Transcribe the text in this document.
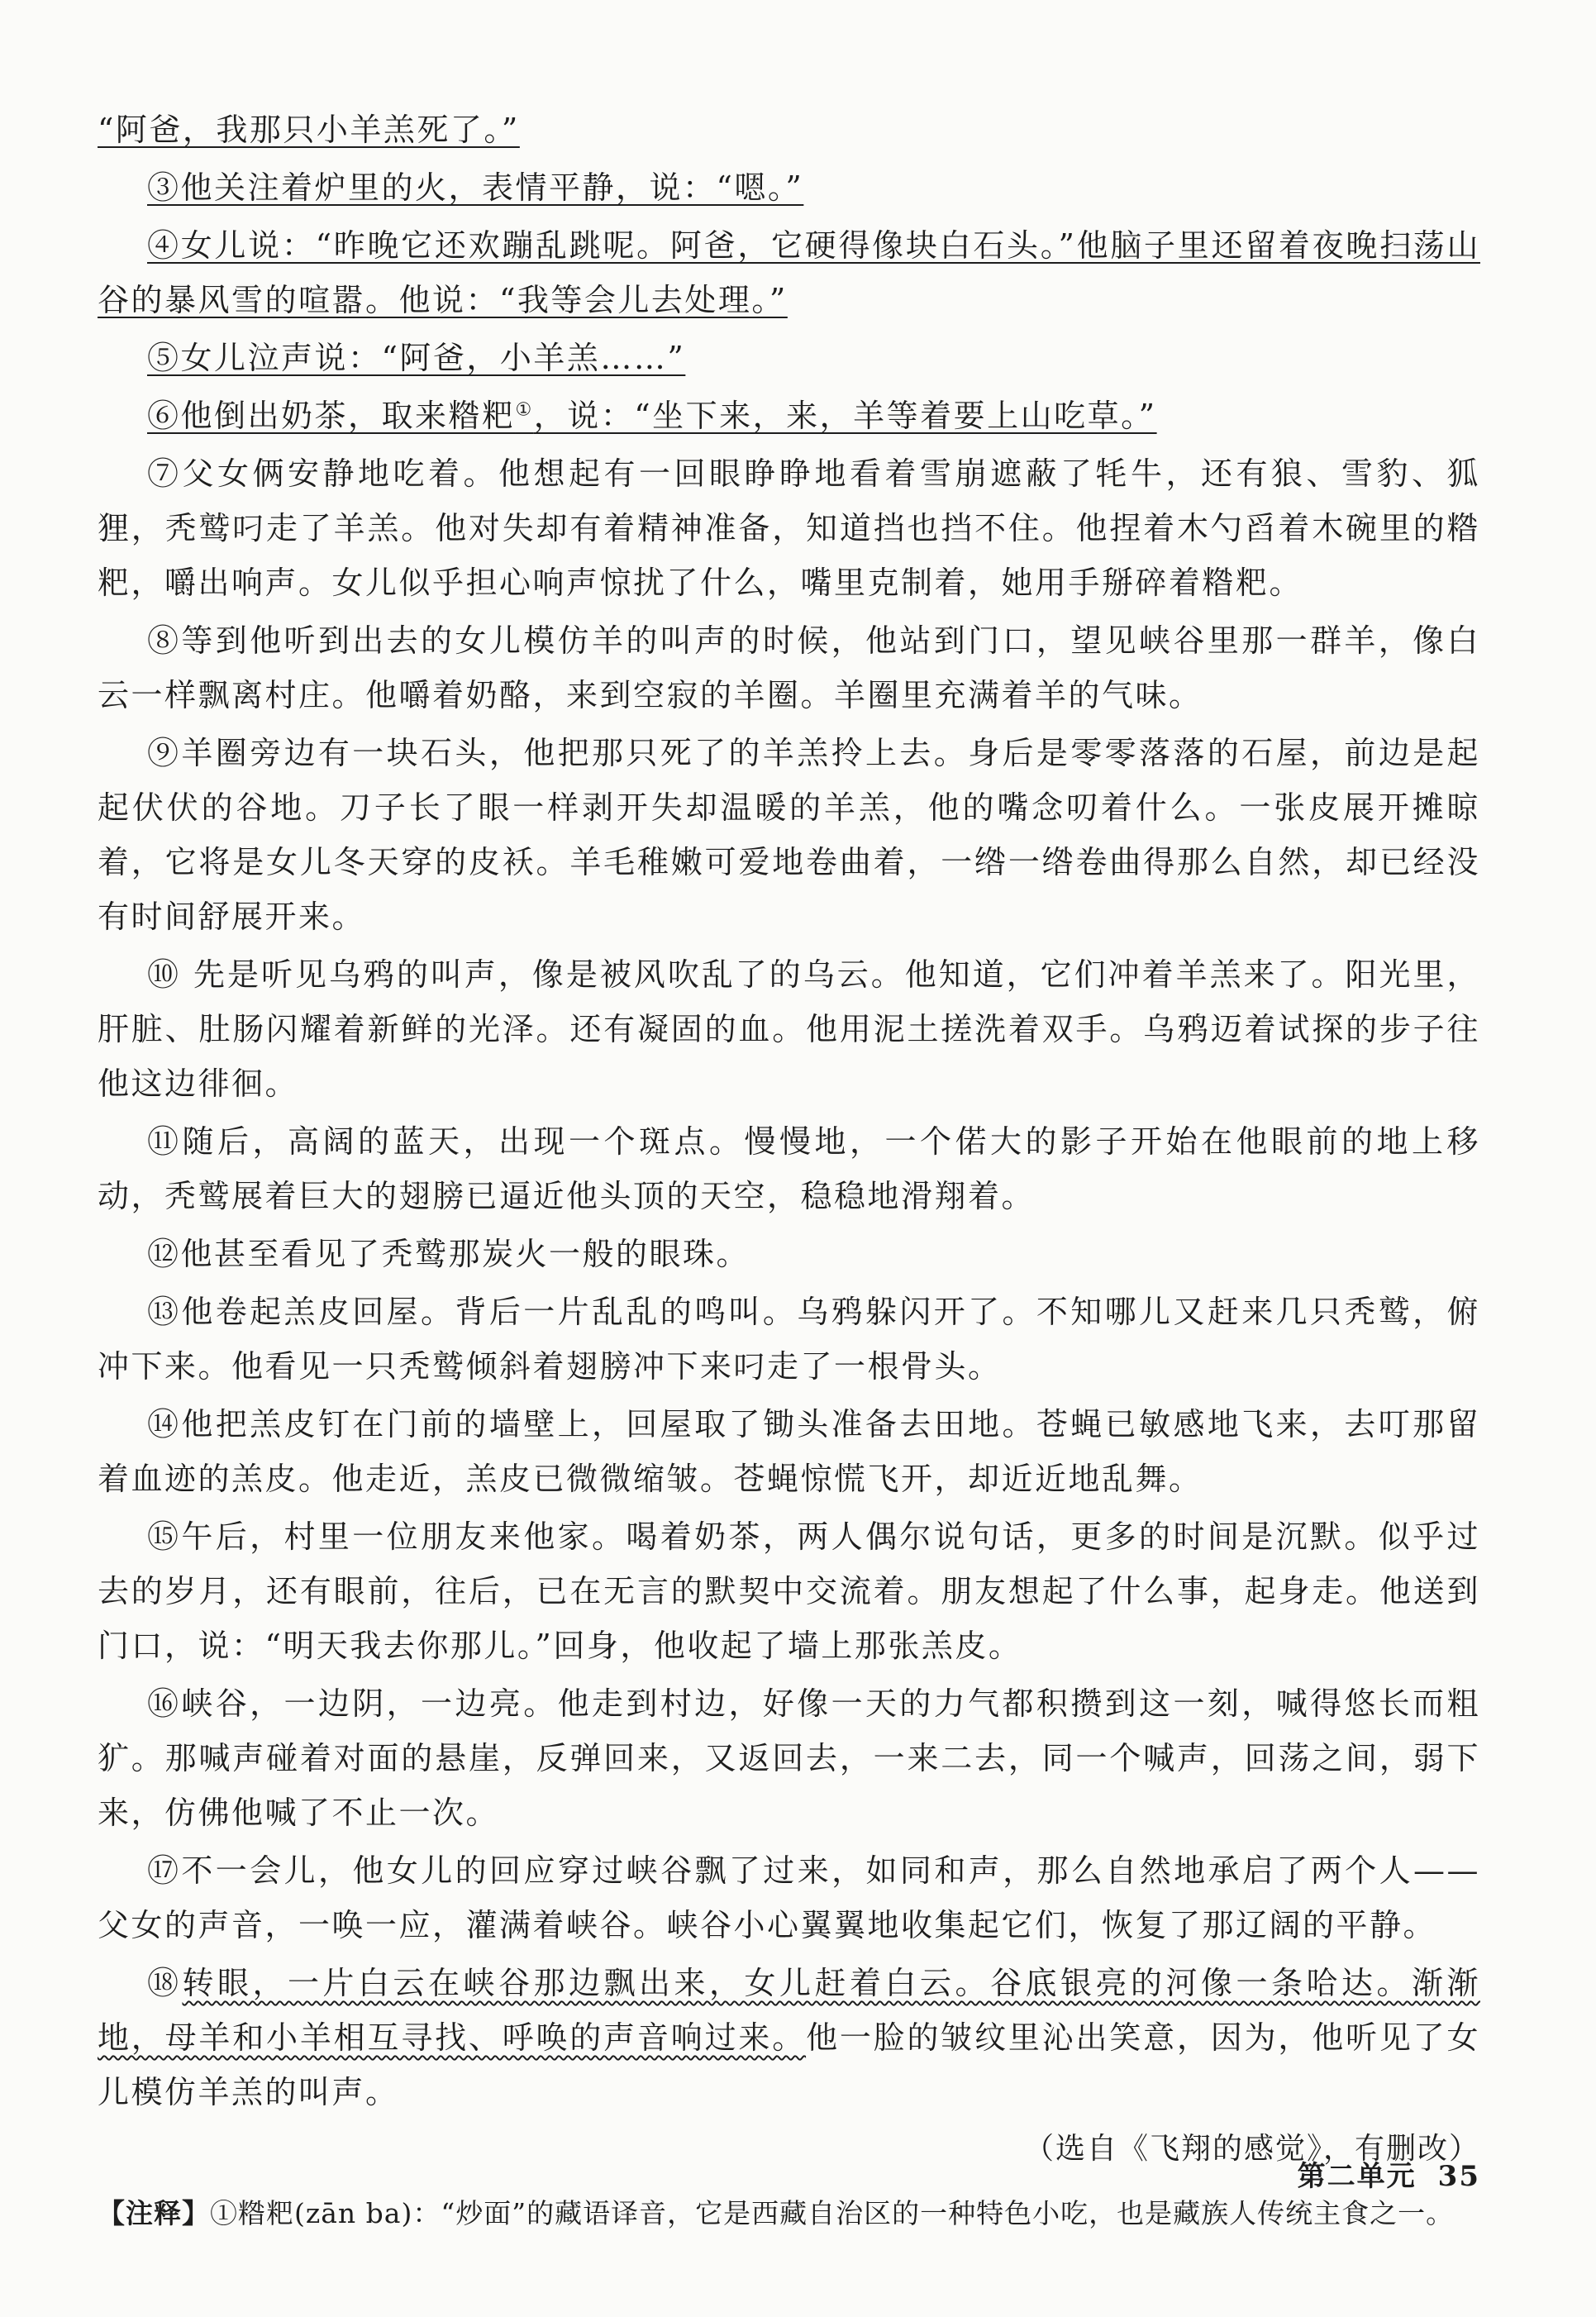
“阿爸，我那只小羊羔死了。”

③他关注着炉里的火，表情平静，说：“嗯。”

④女儿说：“昨晚它还欢蹦乱跳呢。阿爸，它硬得像块白石头。”他脑子里还留着夜晚扫荡山谷的暴风雪的喧嚣。他说：“我等会儿去处理。”

⑤女儿泣声说：“阿爸，小羊羔……”

⑥他倒出奶茶，取来糌粑①，说：“坐下来，来，羊等着要上山吃草。”

⑦父女俩安静地吃着。他想起有一回眼睁睁地看着雪崩遮蔽了牦牛，还有狼、雪豹、狐狸，秃鹫叼走了羊羔。他对失却有着精神准备，知道挡也挡不住。他捏着木勺舀着木碗里的糌粑，嚼出响声。女儿似乎担心响声惊扰了什么，嘴里克制着，她用手掰碎着糌粑。

⑧等到他听到出去的女儿模仿羊的叫声的时候，他站到门口，望见峡谷里那一群羊，像白云一样飘离村庄。他嚼着奶酪，来到空寂的羊圈。羊圈里充满着羊的气味。

⑨羊圈旁边有一块石头，他把那只死了的羊羔拎上去。身后是零零落落的石屋，前边是起起伏伏的谷地。刀子长了眼一样剥开失却温暖的羊羔，他的嘴念叨着什么。一张皮展开摊晾着，它将是女儿冬天穿的皮袄。羊毛稚嫩可爱地卷曲着，一绺一绺卷曲得那么自然，却已经没有时间舒展开来。

⑩ 先是听见乌鸦的叫声，像是被风吹乱了的乌云。他知道，它们冲着羊羔来了。阳光里，肝脏、肚肠闪耀着新鲜的光泽。还有凝固的血。他用泥土搓洗着双手。乌鸦迈着试探的步子往他这边徘徊。

⑪随后，高阔的蓝天，出现一个斑点。慢慢地，一个偌大的影子开始在他眼前的地上移动，秃鹫展着巨大的翅膀已逼近他头顶的天空，稳稳地滑翔着。

⑫他甚至看见了秃鹫那炭火一般的眼珠。

⑬他卷起羔皮回屋。背后一片乱乱的鸣叫。乌鸦躲闪开了。不知哪儿又赶来几只秃鹫，俯冲下来。他看见一只秃鹫倾斜着翅膀冲下来叼走了一根骨头。

⑭他把羔皮钉在门前的墙壁上，回屋取了锄头准备去田地。苍蝇已敏感地飞来，去叮那留着血迹的羔皮。他走近，羔皮已微微缩皱。苍蝇惊慌飞开，却近近地乱舞。

⑮午后，村里一位朋友来他家。喝着奶茶，两人偶尔说句话，更多的时间是沉默。似乎过去的岁月，还有眼前，往后，已在无言的默契中交流着。朋友想起了什么事，起身走。他送到门口，说：“明天我去你那儿。”回身，他收起了墙上那张羔皮。

⑯峡谷，一边阴，一边亮。他走到村边，好像一天的力气都积攒到这一刻，喊得悠长而粗犷。那喊声碰着对面的悬崖，反弹回来，又返回去，一来二去，同一个喊声，回荡之间，弱下来，仿佛他喊了不止一次。

⑰不一会儿，他女儿的回应穿过峡谷飘了过来，如同和声，那么自然地承启了两个人——父女的声音，一唤一应，灌满着峡谷。峡谷小心翼翼地收集起它们，恢复了那辽阔的平静。

⑱转眼，一片白云在峡谷那边飘出来，女儿赶着白云。谷底银亮的河像一条哈达。渐渐地，母羊和小羊相互寻找、呼唤的声音响过来。他一脸的皱纹里沁出笑意，因为，他听见了女儿模仿羊羔的叫声。

（选自《飞翔的感觉》，有删改）
【注释】①糌粑(zān ba)：“炒面”的藏语译音，它是西藏自治区的一种特色小吃，也是藏族人传统主食之一。
第二单元 35
